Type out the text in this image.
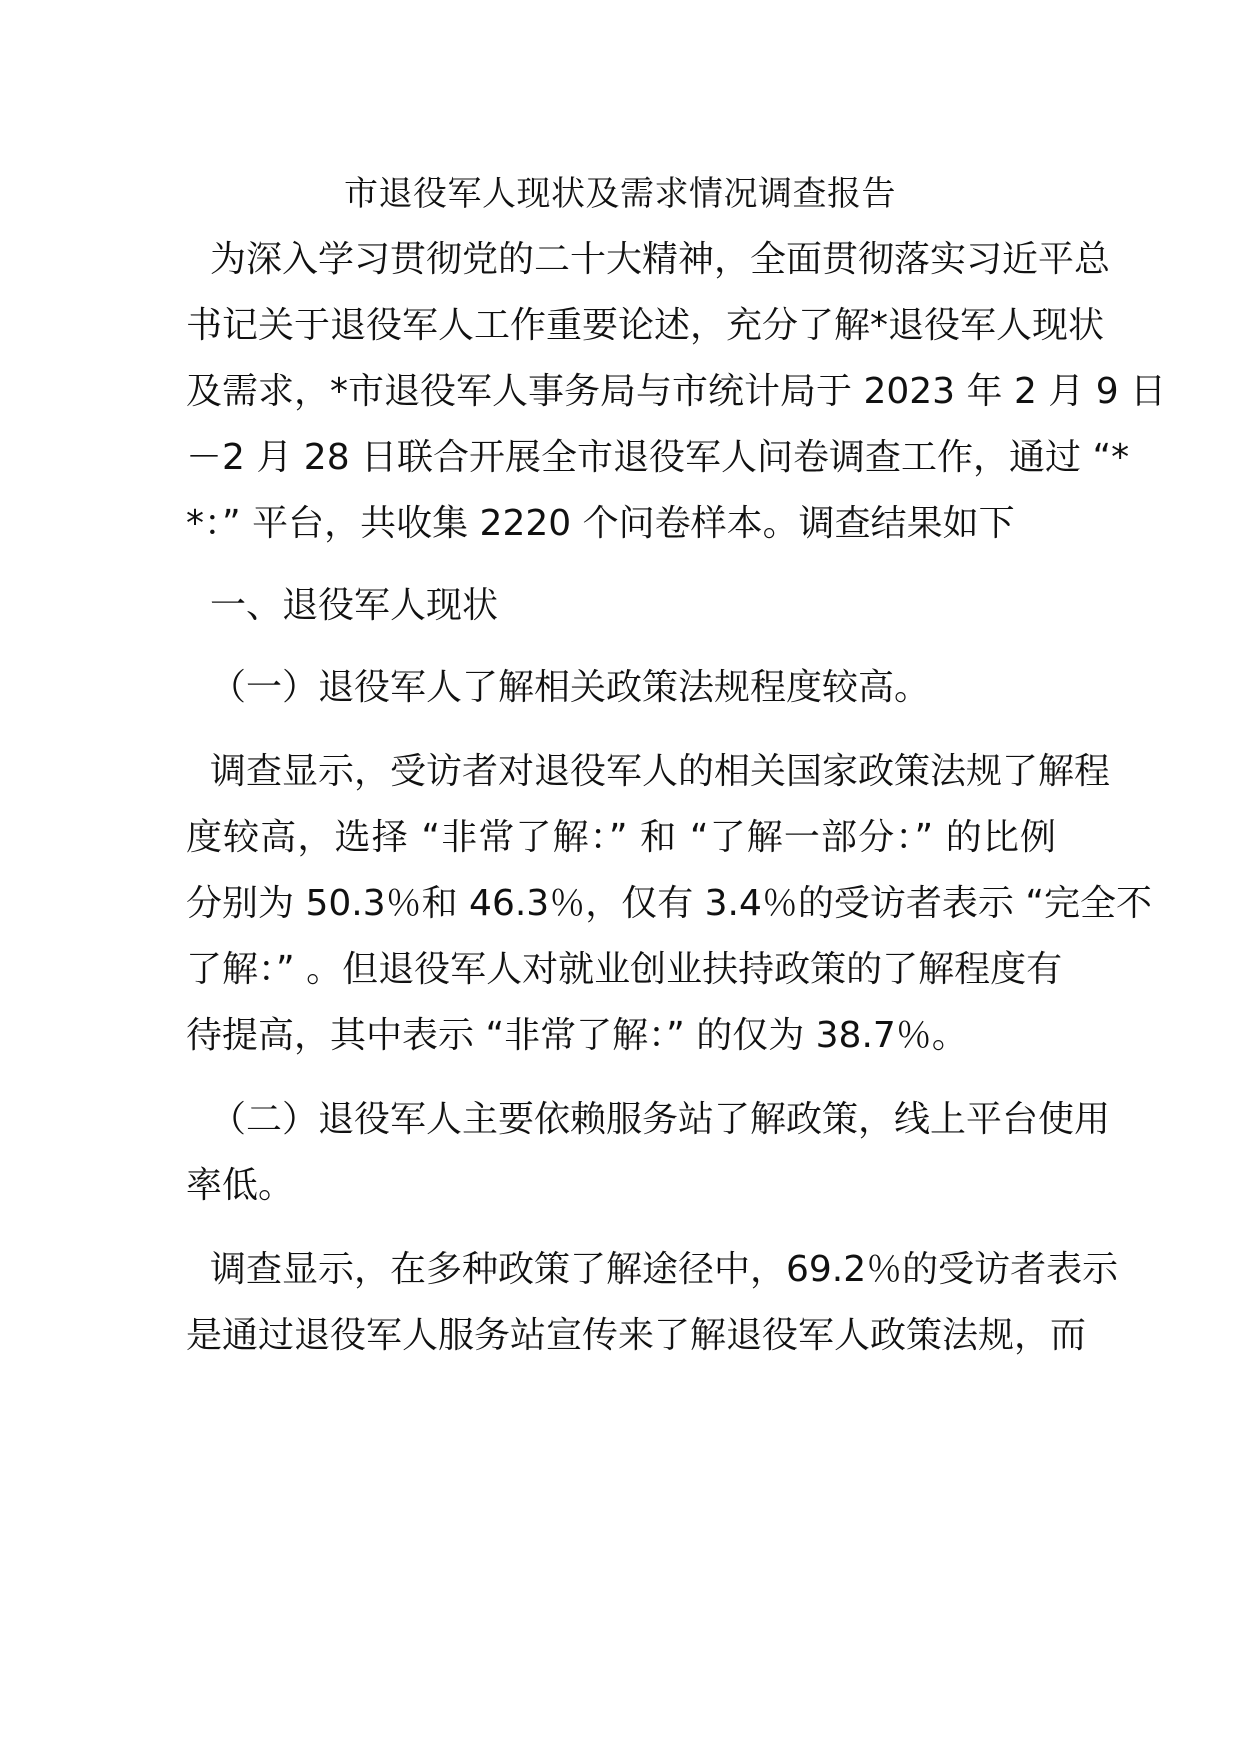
市退役军人现状及需求情况调查报告
为深入学习贯彻党的二十大精神，全面贯彻落实习近平总
书记关于退役军人工作重要论述，充分了解*退役军人现状
及需求，*市退役军人事务局与市统计局于 2023 年 2 月 9 日
－2 月 28 日联合开展全市退役军人问卷调查工作，通过 “*
*：” 平台，共收集 2220 个问卷样本。调查结果如下
一、退役军人现状
（一）退役军人了解相关政策法规程度较高。
调查显示，受访者对退役军人的相关国家政策法规了解程
度较高，选择 “非常了解：” 和 “了解一部分：” 的比例
分别为 50.3％和 46.3％，仅有 3.4％的受访者表示 “完全不
了解：” 。但退役军人对就业创业扶持政策的了解程度有
待提高，其中表示 “非常了解：” 的仅为 38.7％。
（二）退役军人主要依赖服务站了解政策，线上平台使用
率低。
调查显示，在多种政策了解途径中，69.2％的受访者表示
是通过退役军人服务站宣传来了解退役军人政策法规，而
